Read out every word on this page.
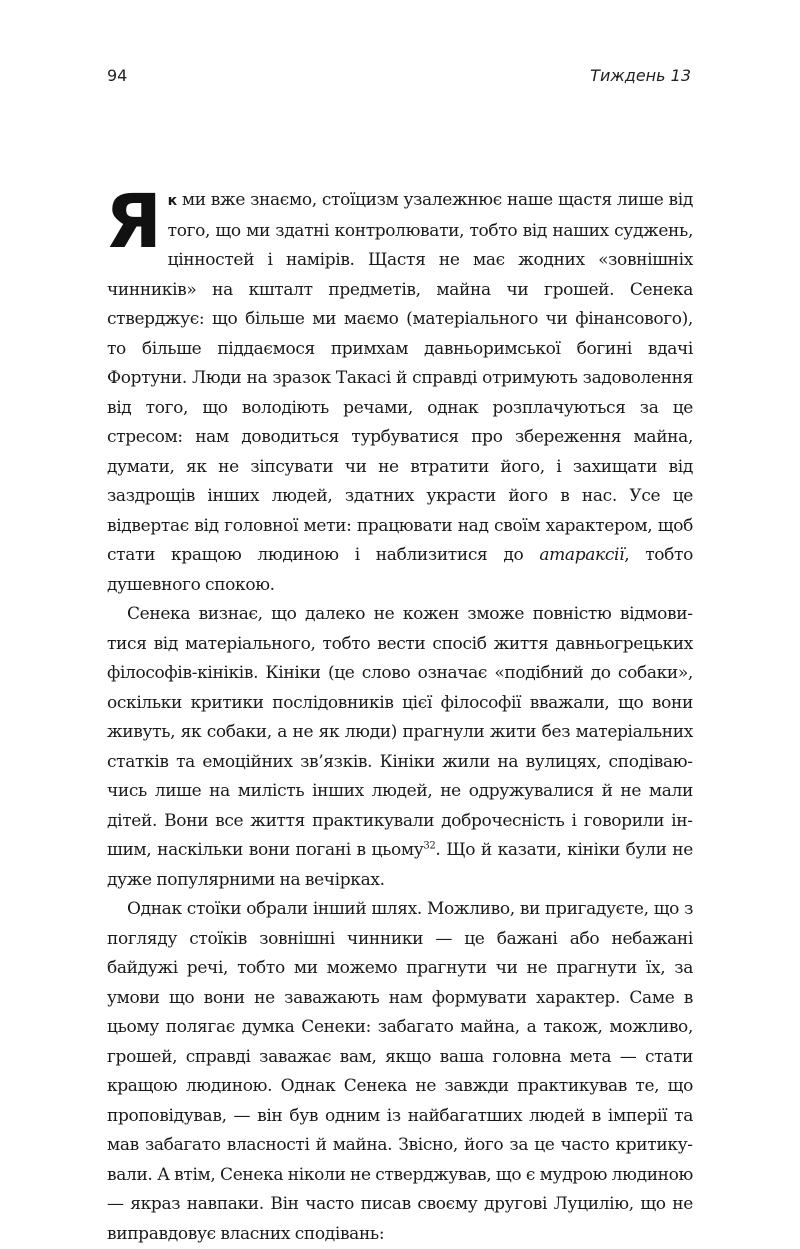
94	Тиждень 13

Як ми вже знаємо, стоїцизм узалежнює наше щастя лише від того, що ми здатні контролювати, тобто від наших суджень, цінностей і намірів. Щастя не має жодних «зовнішніх чинників» на кшталт предметів, майна чи грошей. Сенека стверджує: що більше ми маємо (матеріального чи фінансового), то більше піддаємося примхам давньоримської богині вдачі Фортуни. Люди на зразок Такасі й справді отримують задоволення від того, що володіють речами, однак розплачуються за це стресом: нам доводиться турбуватися про збереження майна, думати, як не зіпсувати чи не втратити його, і захищати від заздрощів інших людей, здатних украсти його в нас. Усе це відвертає від головної мети: працювати над своїм характером, щоб стати кращою людиною і наблизитися до атараксії, тобто душевного спокою.

Сенека визнає, що далеко не кожен зможе повністю відмовитися від матеріального, тобто вести спосіб життя давньогрецьких філософів-кініків. Кініки (це слово означає «подібний до собаки», оскільки критики послідовників цієї філософії вважали, що вони живуть, як собаки, а не як люди) прагнули жити без матеріальних статків та емоційних зв’язків. Кініки жили на вулицях, сподіваючись лише на милість інших людей, не одружувалися й не мали дітей. Вони все життя практикували доброчесність і говорили іншим, наскільки вони погані в цьому$^{32}$. Що й казати, кініки були не дуже популярними на вечірках.

Однак стоїки обрали інший шлях. Можливо, ви пригадуєте, що з погляду стоїків зовнішні чинники — це бажані або небажані байдужі речі, тобто ми можемо прагнути чи не прагнути їх, за умови що вони не заважають нам формувати характер. Саме в цьому полягає думка Сенеки: забагато майна, а також, можливо, грошей, справді заважає вам, якщо ваша головна мета — стати кращою людиною. Однак Сенека не завжди практикував те, що проповідував, — він був одним із найбагатших людей в імперії та мав забагато власності й майна. Звісно, його за це часто критикували. А втім, Сенека ніколи не стверджував, що є мудрою людиною — якраз навпаки. Він часто писав своєму другові Луцилію, що не виправдовує власних сподівань:
